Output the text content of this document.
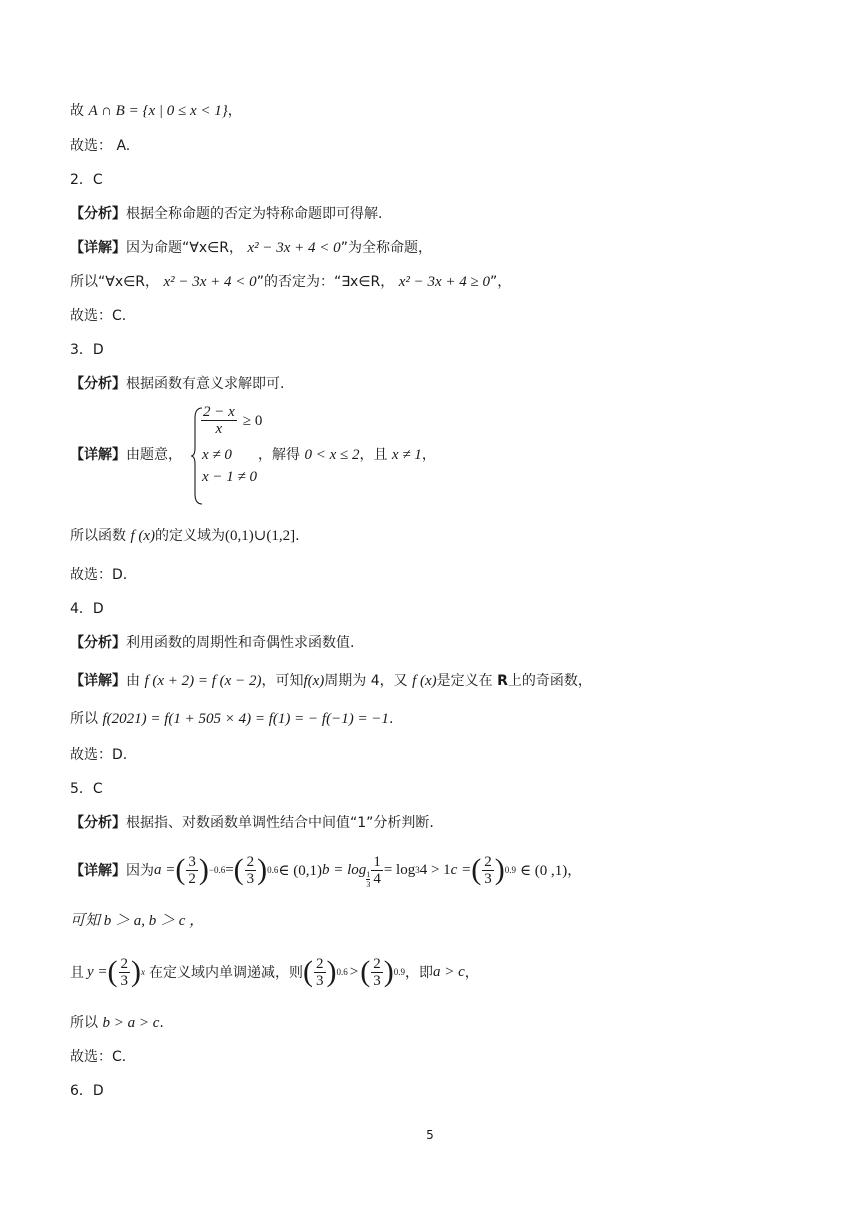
故 A ∩ B = {x | 0 ≤ x < 1}，
故选： A.
2．C
【分析】根据全称命题的否定为特称命题即可得解.
【详解】因为命题“∀x∈R， x² − 3x + 4 < 0”为全称命题，
所以“∀x∈R， x² − 3x + 4 < 0”的否定为：“∃x∈R， x² − 3x + 4 ≥ 0”，
故选：C.
3．D
【分析】根据函数有意义求解即可.
【详解】由题意，
$\frac{2 - x}{x} \ge 0$
x ≠ 0
x − 1 ≠ 0
，解得 0 < x ≤ 2，且 x ≠ 1，
所以函数 f (x)的定义域为(0,1)∪(1,2].
故选：D.
4．D
【分析】利用函数的周期性和奇偶性求函数值.
【详解】由 f (x + 2) = f (x − 2)，可知f(x)周期为 4，又 f (x)是定义在 R上的奇函数，
所以 f(2021) = f(1 + 505 × 4) = f(1) = − f(−1) = −1.
故选：D.
5．C
【分析】根据指、对数函数单调性结合中间值“1”分析判断.
【详解】 因为 a = ( $\frac{3}{2}$ ) −0.6 = ( $\frac{2}{3}$ ) 0.6 ∈ (0,1) $b = \log \frac{1}{3} \frac{1}{4} = \log 3$ 4 > 1 c = ( $\frac{2}{3}$ ) 0.9 ∈ (0 ,1) ，
可知 b ＞ a, b ＞ c ，
且 y = ( $\frac{2}{3}$ ) x 在定义域内单调递减，则 ( $\frac{2}{3}$ ) 0.6 > ( $\frac{2}{3}$ ) 0.9 ，即 a > c ，
所以 b > a > c.
故选：C.
6．D
5
